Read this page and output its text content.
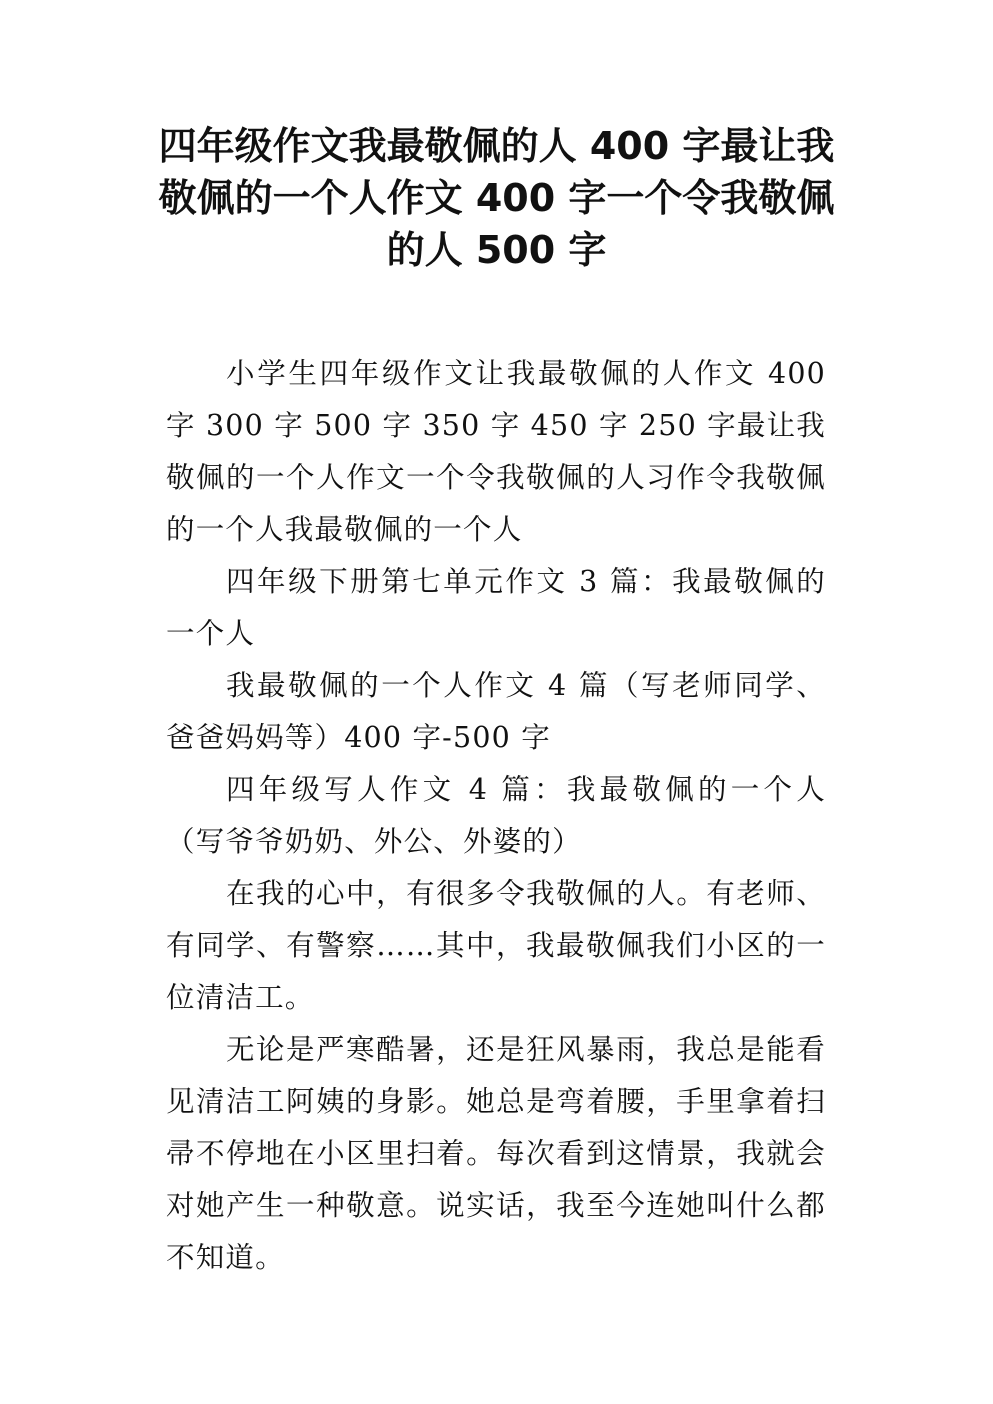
四年级作文我最敬佩的人 400 字最让我敬佩的一个人作文 400 字一个令我敬佩的人 500 字

小学生四年级作文让我最敬佩的人作文 400 字 300 字 500 字 350 字 450 字 250 字最让我敬佩的一个人作文一个令我敬佩的人习作令我敬佩的一个人我最敬佩的一个人

四年级下册第七单元作文 3 篇：我最敬佩的一个人

我最敬佩的一个人作文 4 篇（写老师同学、爸爸妈妈等）400 字-500 字

四年级写人作文 4 篇：我最敬佩的一个人（写爷爷奶奶、外公、外婆的）

在我的心中，有很多令我敬佩的人。有老师、有同学、有警察……其中，我最敬佩我们小区的一位清洁工。

无论是严寒酷暑，还是狂风暴雨，我总是能看见清洁工阿姨的身影。她总是弯着腰，手里拿着扫帚不停地在小区里扫着。每次看到这情景，我就会对她产生一种敬意。说实话，我至今连她叫什么都不知道。
